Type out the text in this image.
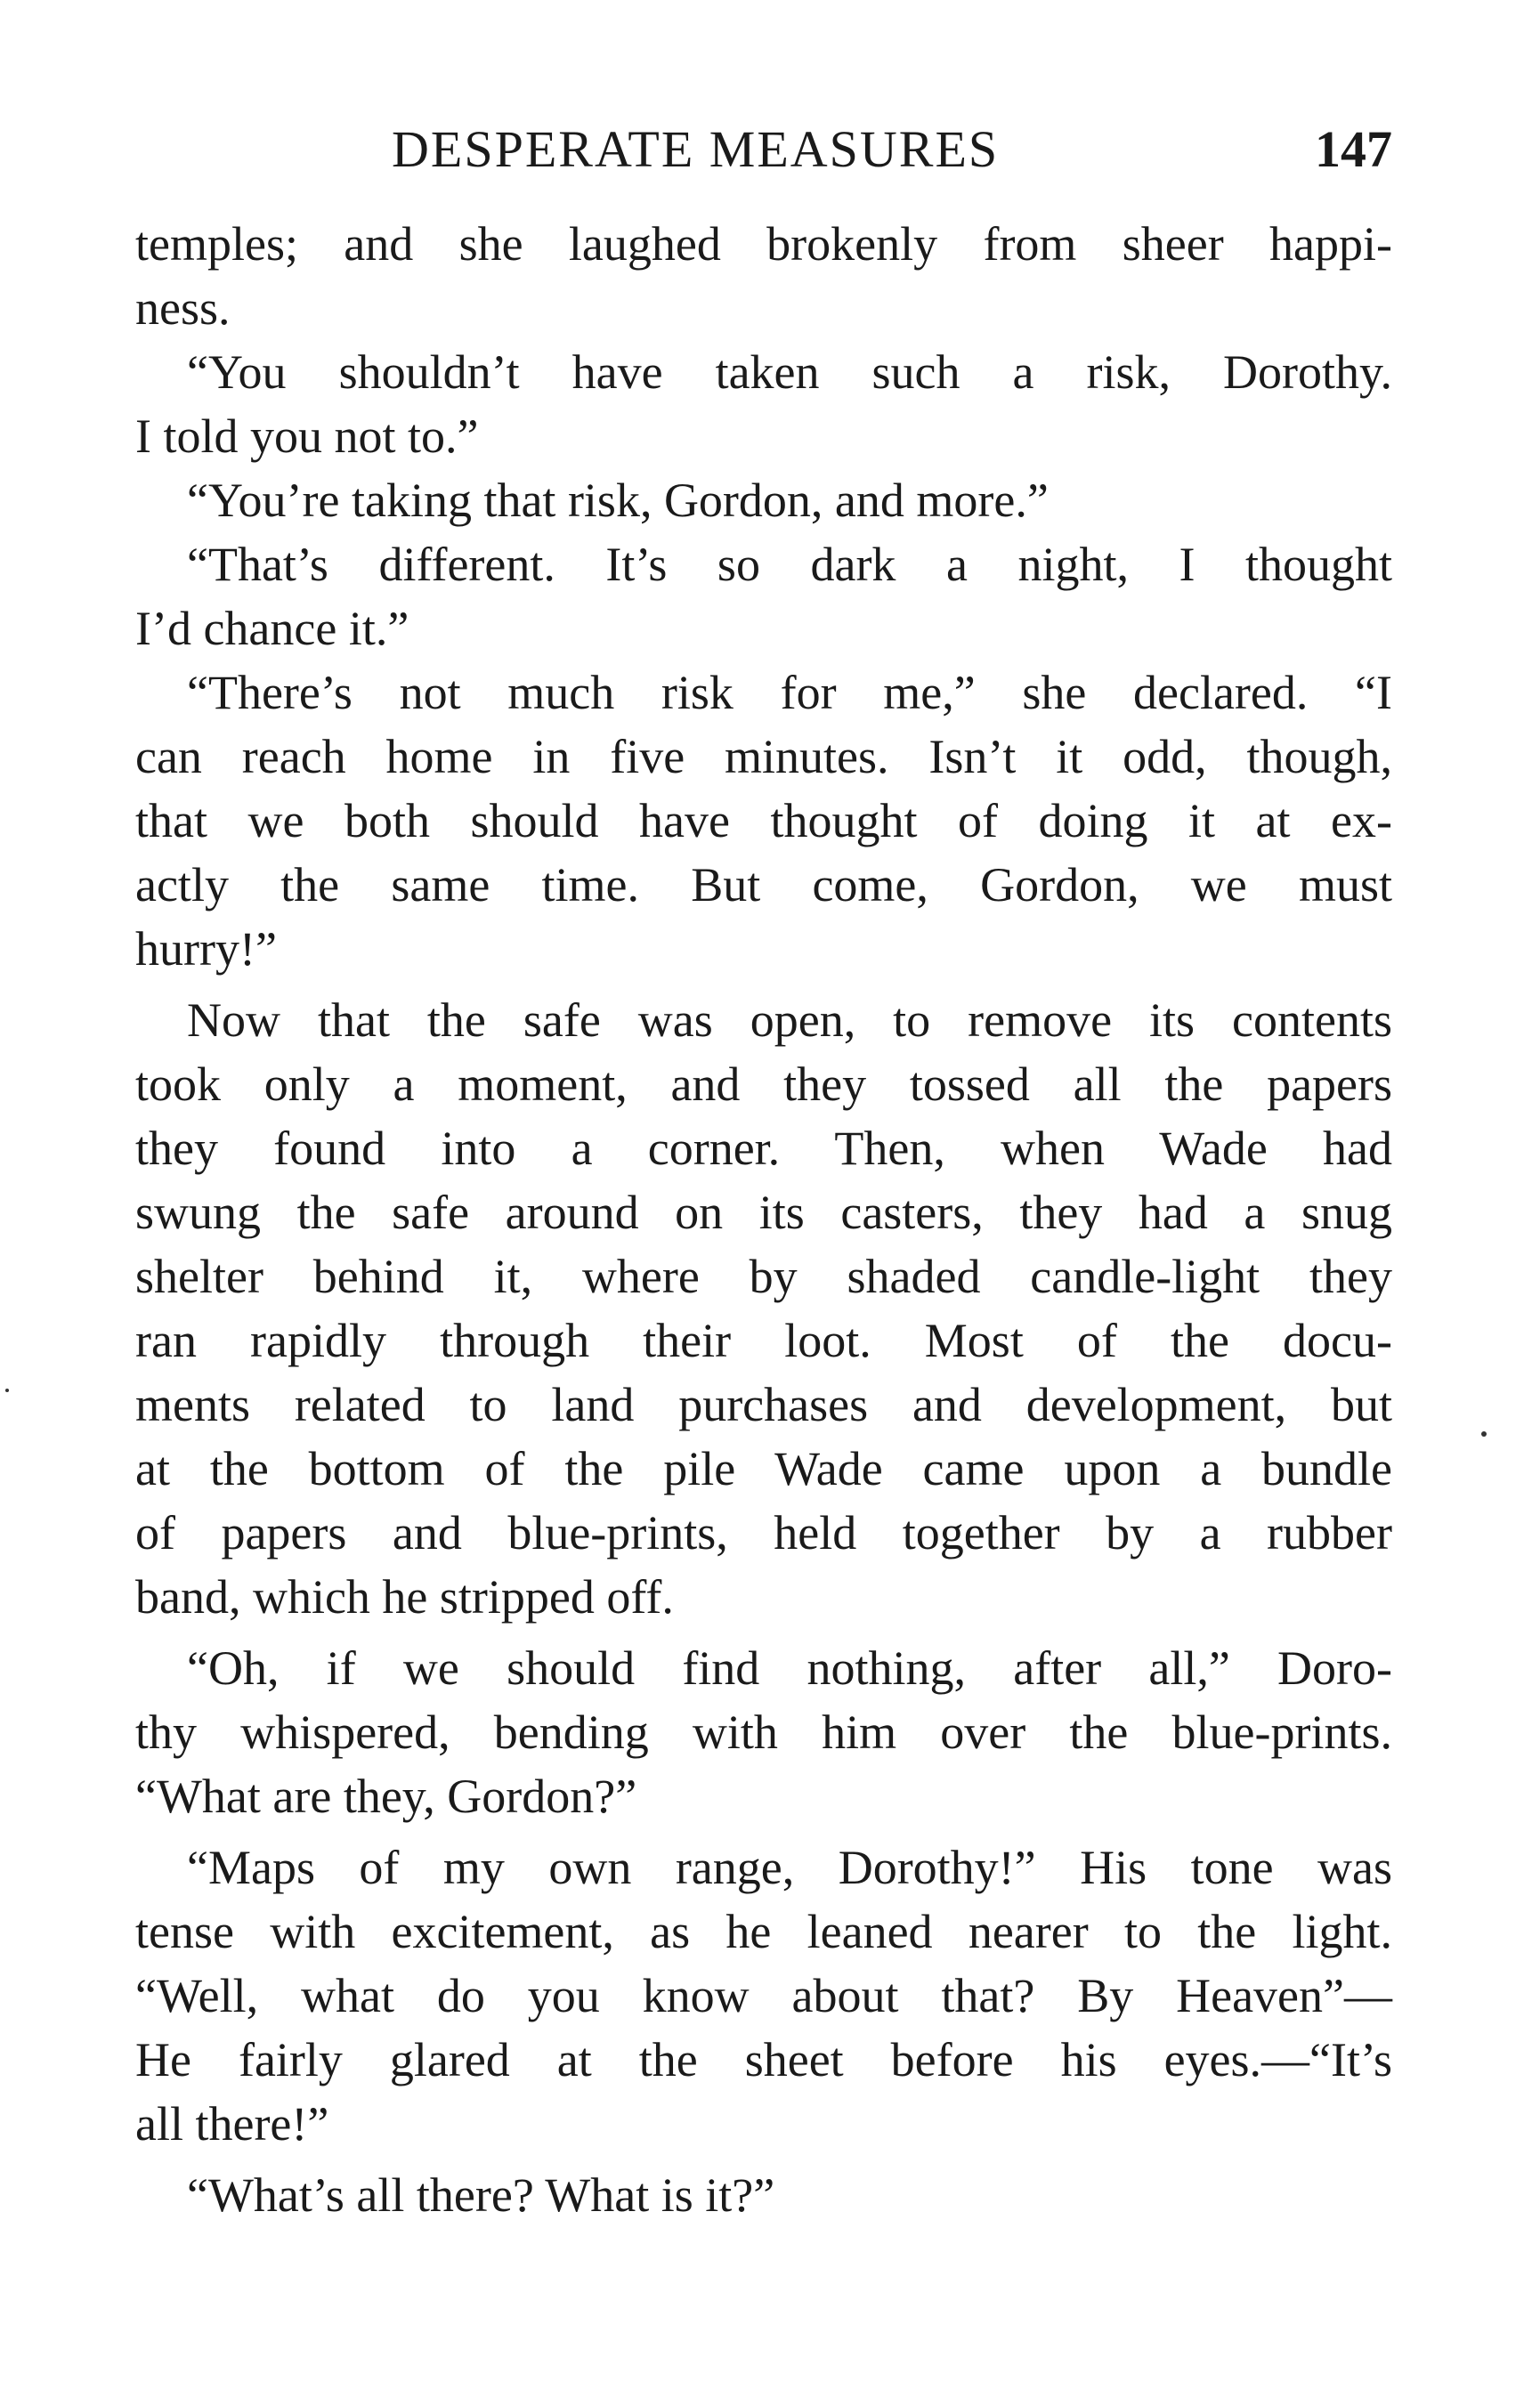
DESPERATE MEASURES	147
temples; and she laughed brokenly from sheer happi-
ness.
“You shouldn’t have taken such a risk, Dorothy.
I told you not to.”
“You’re taking that risk, Gordon, and more.”
“That’s different. It’s so dark a night, I thought
I’d chance it.”
“There’s not much risk for me,” she declared. “I
can reach home in five minutes. Isn’t it odd, though,
that we both should have thought of doing it at ex-
actly the same time. But come, Gordon, we must
hurry!”
Now that the safe was open, to remove its contents
took only a moment, and they tossed all the papers
they found into a corner. Then, when Wade had
swung the safe around on its casters, they had a snug
shelter behind it, where by shaded candle-light they
ran rapidly through their loot. Most of the docu-
ments related to land purchases and development, but
at the bottom of the pile Wade came upon a bundle
of papers and blue-prints, held together by a rubber
band, which he stripped off.
“Oh, if we should find nothing, after all,” Doro-
thy whispered, bending with him over the blue-prints.
“What are they, Gordon?”
“Maps of my own range, Dorothy!” His tone was
tense with excitement, as he leaned nearer to the light.
“Well, what do you know about that? By Heaven”—
He fairly glared at the sheet before his eyes.—“It’s
all there!”
“What’s all there? What is it?”
